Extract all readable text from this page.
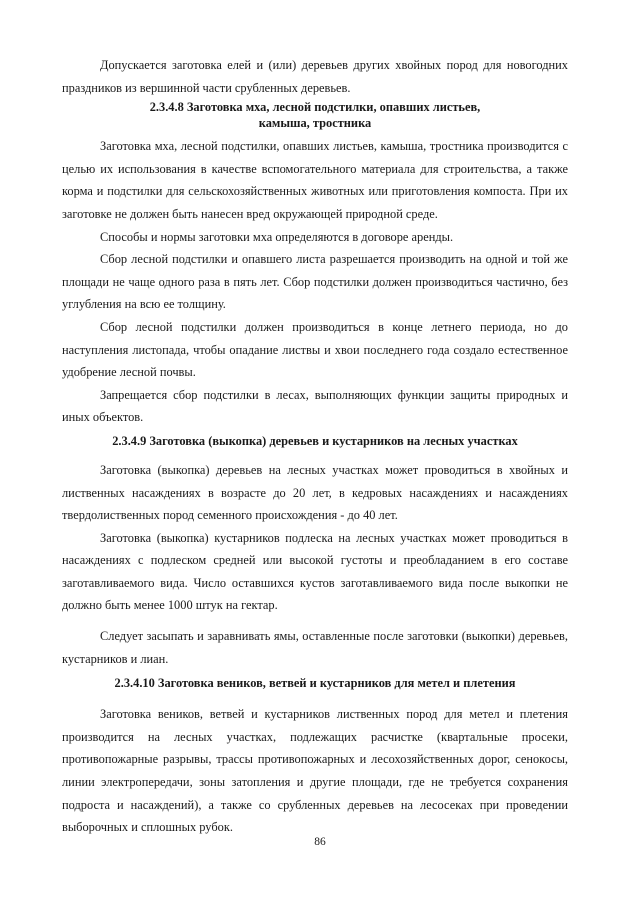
Допускается заготовка елей и (или) деревьев других хвойных пород для новогодних праздников из вершинной части срубленных деревьев.

2.3.4.8 Заготовка мха, лесной подстилки, опавших листьев, камыша, тростника

Заготовка мха, лесной подстилки, опавших листьев, камыша, тростника производится с целью их использования в качестве вспомогательного материала для строительства, а также корма и подстилки для сельскохозяйственных животных или приготовления компоста. При их заготовке не должен быть нанесен вред окружающей природной среде.

Способы и нормы заготовки мха определяются в договоре аренды.

Сбор лесной подстилки и опавшего листа разрешается производить на одной и той же площади не чаще одного раза в пять лет. Сбор подстилки должен производиться частично, без углубления на всю ее толщину.

Сбор лесной подстилки должен производиться в конце летнего периода, но до наступления листопада, чтобы опадание листвы и хвои последнего года создало естественное удобрение лесной почвы.

Запрещается сбор подстилки в лесах, выполняющих функции защиты природных и иных объектов.

2.3.4.9 Заготовка (выкопка) деревьев и кустарников на лесных участках

Заготовка (выкопка) деревьев на лесных участках может проводиться в хвойных и лиственных насаждениях в возрасте до 20 лет, в кедровых насаждениях и насаждениях твердолиственных пород семенного происхождения - до 40 лет.

Заготовка (выкопка) кустарников подлеска на лесных участках может проводиться в насаждениях с подлеском средней или высокой густоты и преобладанием в его составе заготавливаемого вида. Число оставшихся кустов заготавливаемого вида после выкопки не должно быть менее 1000 штук на гектар.

Следует засыпать и заравнивать ямы, оставленные после заготовки (выкопки) деревьев, кустарников и лиан.

2.3.4.10 Заготовка веников, ветвей и кустарников для метел и плетения

Заготовка веников, ветвей и кустарников лиственных пород для метел и плетения производится на лесных участках, подлежащих расчистке (квартальные просеки, противопожарные разрывы, трассы противопожарных и лесохозяйственных дорог, сенокосы, линии электропередачи, зоны затопления и другие площади, где не требуется сохранения подроста и насаждений), а также со срубленных деревьев на лесосеках при проведении выборочных и сплошных рубок.

86
